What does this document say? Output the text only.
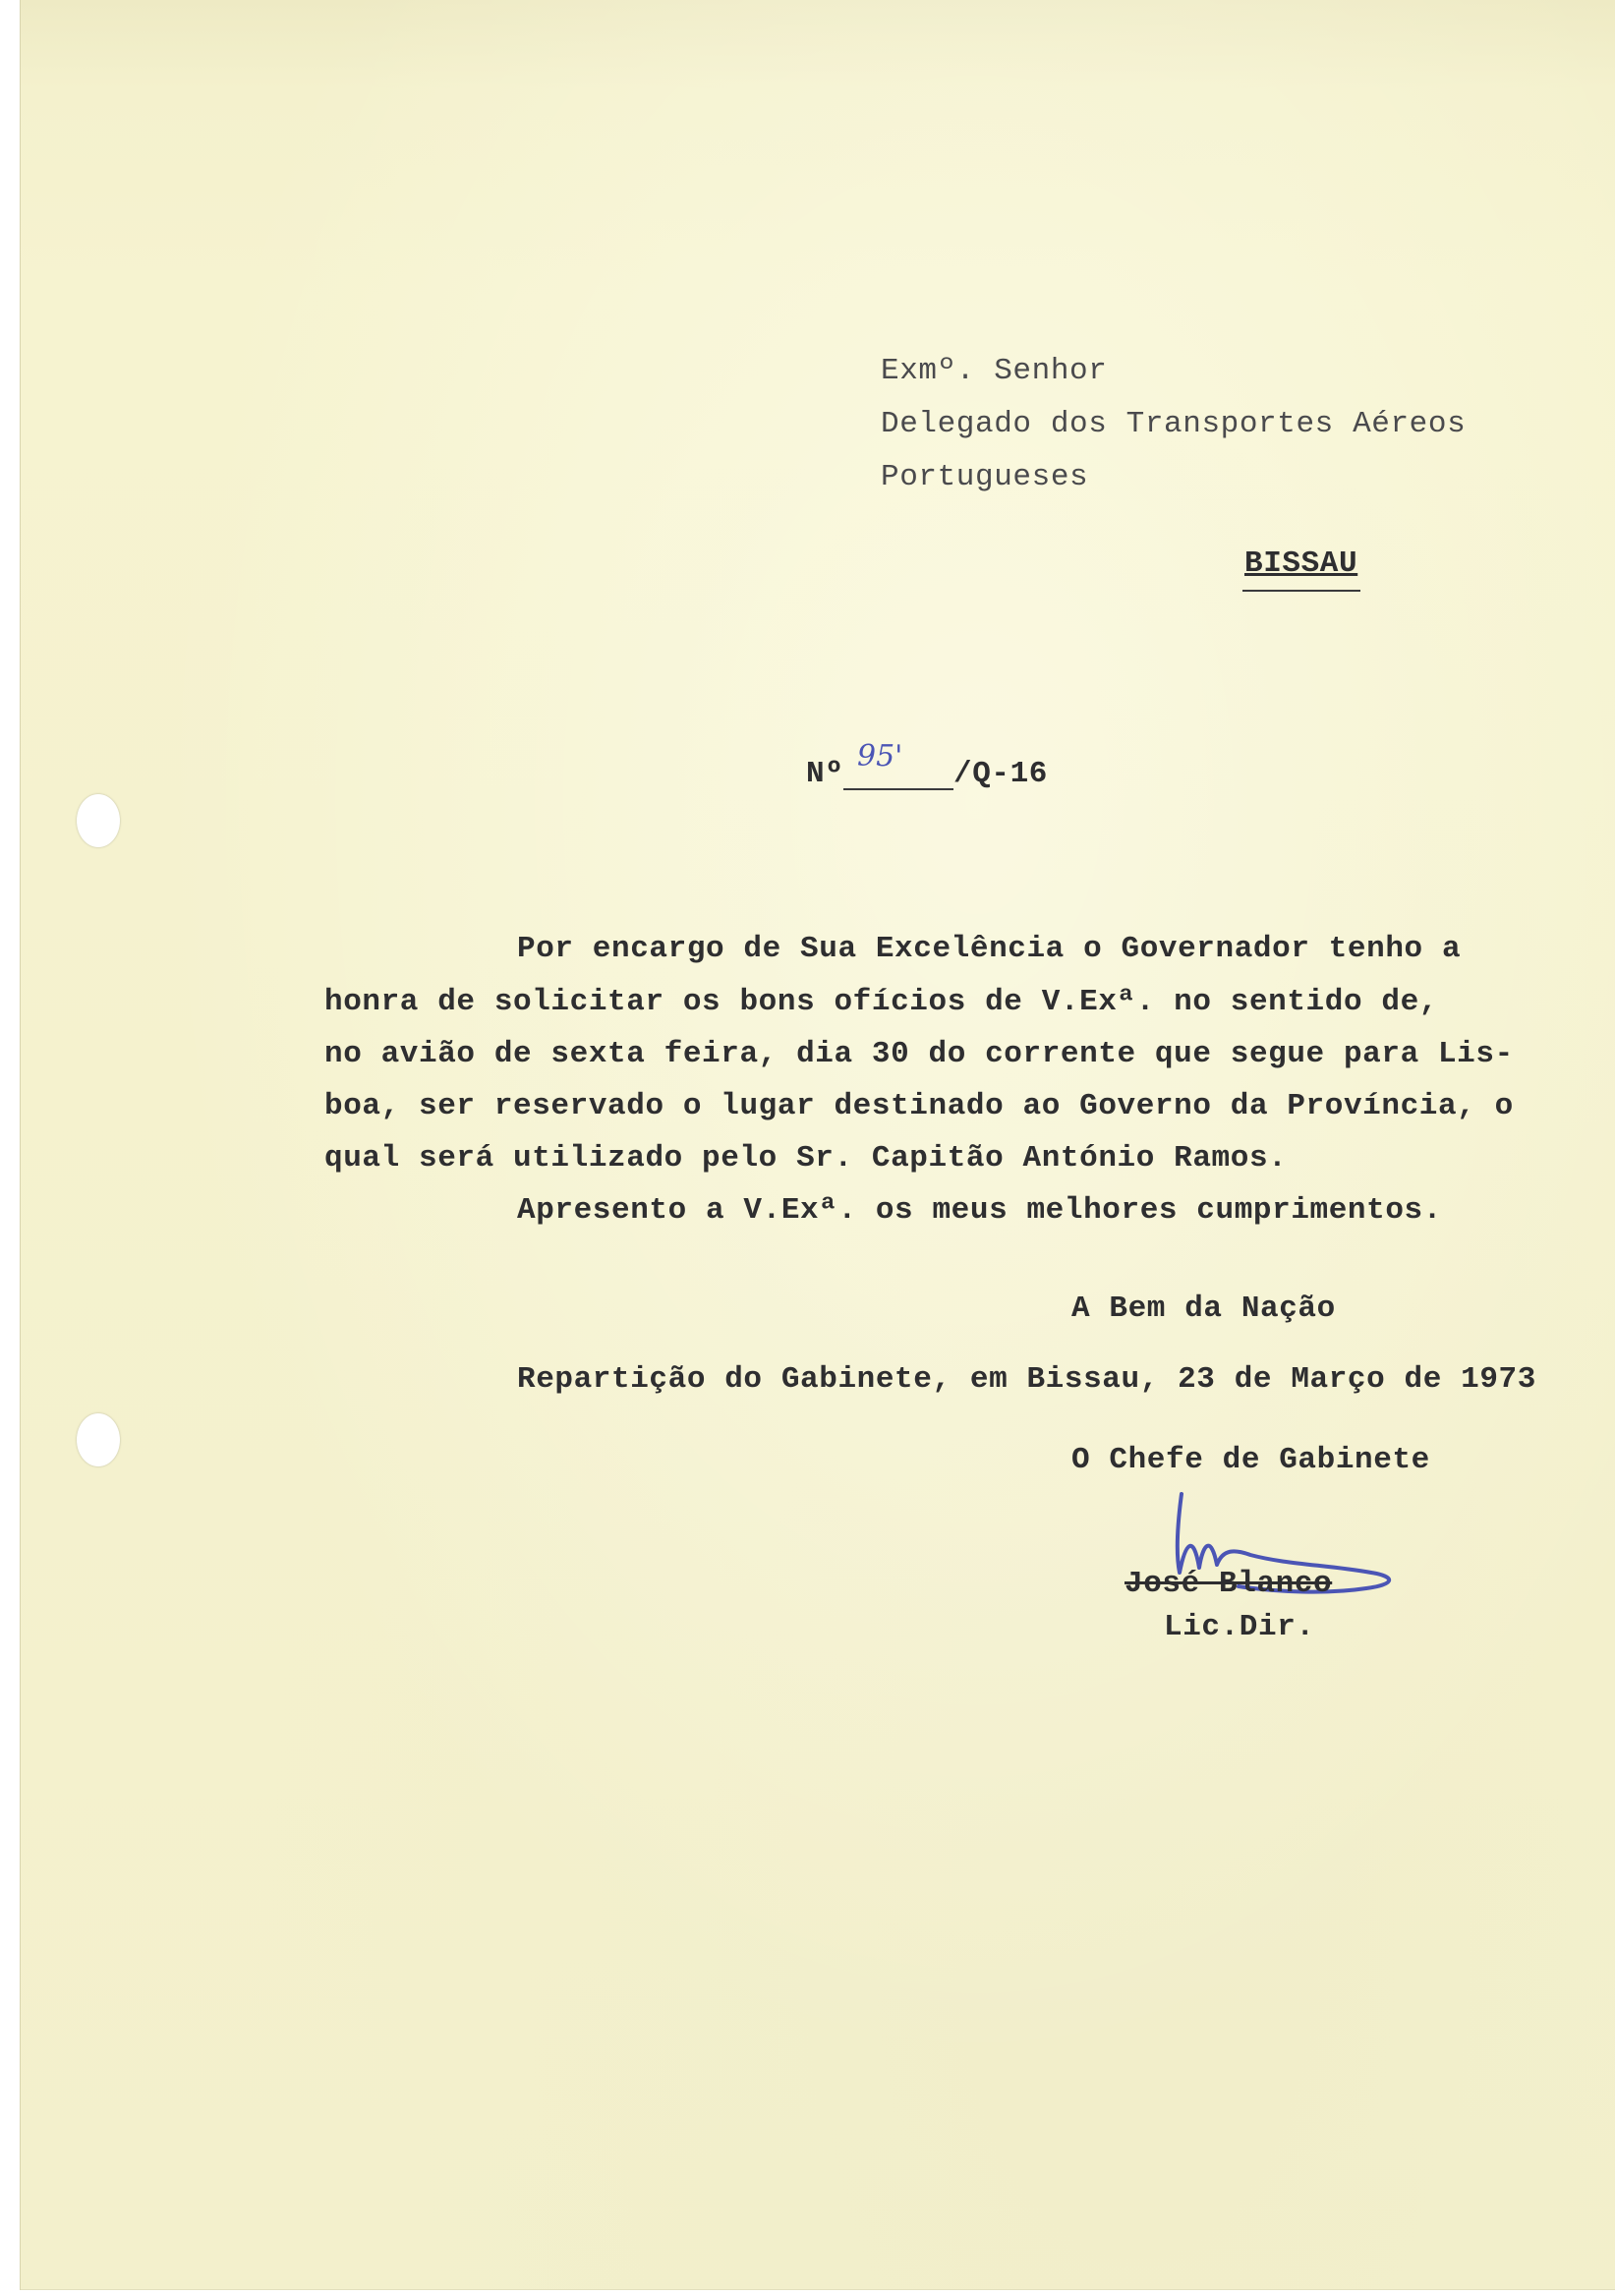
Exmº. Senhor
Delegado dos Transportes Aéreos
Portugueses
BISSAU
Nº
95'
/Q-16
Por encargo de Sua Excelência o Governador tenho a
honra de solicitar os bons ofícios de V.Exª. no sentido de,
no avião de sexta feira, dia 30 do corrente que segue para Lis-
boa, ser reservado o lugar destinado ao Governo da Província, o
qual será utilizado pelo Sr. Capitão António Ramos.
Apresento a V.Exª. os meus melhores cumprimentos.
A Bem da Nação
Repartição do Gabinete, em Bissau, 23 de Março de 1973
O Chefe de Gabinete
José Blanco
Lic.Dir.
